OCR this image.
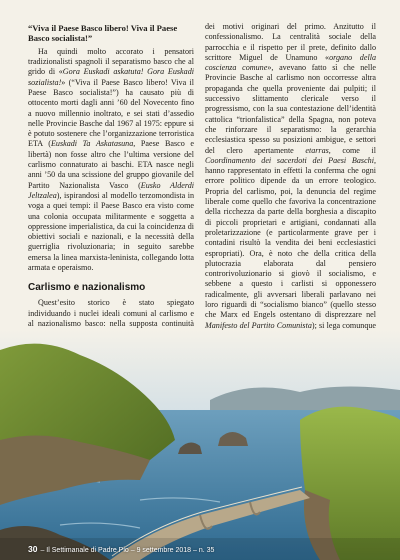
“Viva il Paese Basco libero! Viva il Paese Basco socialista!”

Ha quindi molto accorato i pensatori tradizionalisti spagnoli il separatismo basco che al grido di «Gora Euskadi askatuta! Gora Euskadi sozialista!» (“Viva il Paese Basco libero! Viva il Paese Basco socialista!”) ha causato più di ottocento morti dagli anni ’60 del Novecento fino a nuovo millennio inoltrato, e sei stati d’assedio nelle Provincie Basche dal 1967 al 1975: eppure si è potuto sostenere che l’organizzazione terroristica ETA (Euskadi Ta Askatasuna, Paese Basco e libertà) non fosse altro che l’ultima versione del carlismo connaturato ai baschi. ETA nasce negli anni ’50 da una scissione del gruppo giovanile del Partito Nazionalista Vasco (Eusko Alderdi Jeltzalea), ispirandosi al modello terzomondista in voga a quei tempi: il Paese Basco era visto come una colonia occupata militarmente e soggetta a oppressione imperialistica, da cui la coincidenza di obiettivi sociali e nazionali, e la necessità della guerriglia rivoluzionaria; in seguito sarebbe emersa la linea marxista-leninista, collegando lotta armata e operaismo.

Carlismo e nazionalismo

Quest’esito storico è stato spiegato individuando i nuclei ideali comuni al carlismo e al nazionalismo basco: nella supposta continuità

dei motivi originari del primo. Anzitutto il confessionalismo. La centralità sociale della parrocchia e il rispetto per il prete, definito dallo scrittore Miguel de Unamuno «organo della coscienza comune», avevano fatto sì che nelle Provincie Basche al carlismo non occorresse altra propaganda che quella proveniente dai pulpiti; il successivo slittamento clericale verso il progressismo, con la sua contestazione dell’identità cattolica “trionfalistica” della Spagna, non poteva che rinforzare il separatismo: la gerarchia ecclesiastica spesso su posizioni ambigue, e settori del clero apertamente etarras, come il Coordinamento dei sacerdoti dei Paesi Baschi, hanno rappresentato in effetti la conferma che ogni errore politico dipende da un errore teologico. Propria del carlismo, poi, la denuncia del regime liberale come quello che favoriva la concentrazione della ricchezza da parte della borghesia a discapito di piccoli proprietari e artigiani, condannati alla proletarizzazione (e particolarmente grave per i contadini risultò la vendita dei beni ecclesiastici espropriati). Ora, è noto che della critica della plutocrazia elaborata dal pensiero controrivoluzionario si giovò il socialismo, e sebbene a questo i carlisti si opponessero radicalmente, gli avversari liberali parlavano nei loro riguardi di “socialismo bianco” (quello stesso che Marx ed Engels ostentano di disprezzare nel Manifesto del Partito Comunista); si lega comunque

30 – Il Settimanale di Padre Pio – 9 settembre 2018 – n. 35
